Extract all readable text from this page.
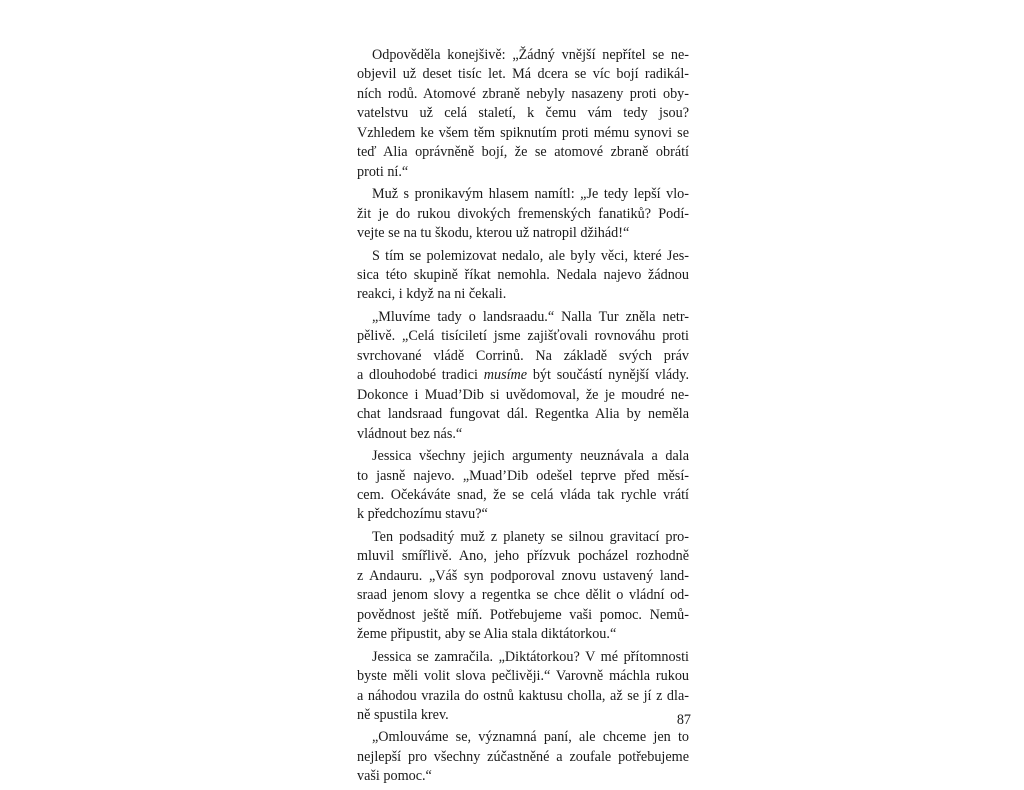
Odpověděla konejšivě: „Žádný vnější nepřítel se ne-
objevil už deset tisíc let. Má dcera se víc bojí radikál-
ních rodů. Atomové zbraně nebyly nasazeny proti oby-
vatelstvu už celá staletí, k čemu vám tedy jsou?
Vzhledem ke všem těm spiknutím proti mému synovi se
teď Alia oprávněně bojí, že se atomové zbraně obrátí
proti ní.“

Muž s pronikavým hlasem namítl: „Je tedy lepší vlo-
žit je do rukou divokých fremenských fanatiků? Podí-
vejte se na tu škodu, kterou už natropil džihád!“

S tím se polemizovat nedalo, ale byly věci, které Jes-
sica této skupině říkat nemohla. Nedala najevo žádnou
reakci, i když na ni čekali.

„Mluvíme tady o landsraadu.“ Nalla Tur zněla netr-
pělivě. „Celá tisíciletí jsme zajišťovali rovnováhu proti
svrchované vládě Corrinů. Na základě svých práv
a dlouhodobé tradici musíme být součástí nynější vlády.
Dokonce i Muad’Dib si uvědomoval, že je moudré ne-
chat landsraad fungovat dál. Regentka Alia by neměla
vládnout bez nás.“

Jessica všechny jejich argumenty neuznávala a dala
to jasně najevo. „Muad’Dib odešel teprve před měsí-
cem. Očekáváte snad, že se celá vláda tak rychle vrátí
k předchozímu stavu?“

Ten podsaditý muž z planety se silnou gravitací pro-
mluvil smířlivě. Ano, jeho přízvuk pocházel rozhodně
z Andauru. „Váš syn podporoval znovu ustavený land-
sraad jenom slovy a regentka se chce dělit o vládní od-
povědnost ještě míň. Potřebujeme vaši pomoc. Nemů-
žeme připustit, aby se Alia stala diktátorkou.“

Jessica se zamračila. „Diktátorkou? V mé přítomnosti
byste měli volit slova pečlivěji.“ Varovně máchla rukou
a náhodou vrazila do ostnů kaktusu cholla, až se jí z dla-
ně spustila krev.

„Omlouváme se, významná paní, ale chceme jen to
nejlepší pro všechny zúčastněné a zoufale potřebujeme
vaši pomoc.“

87
